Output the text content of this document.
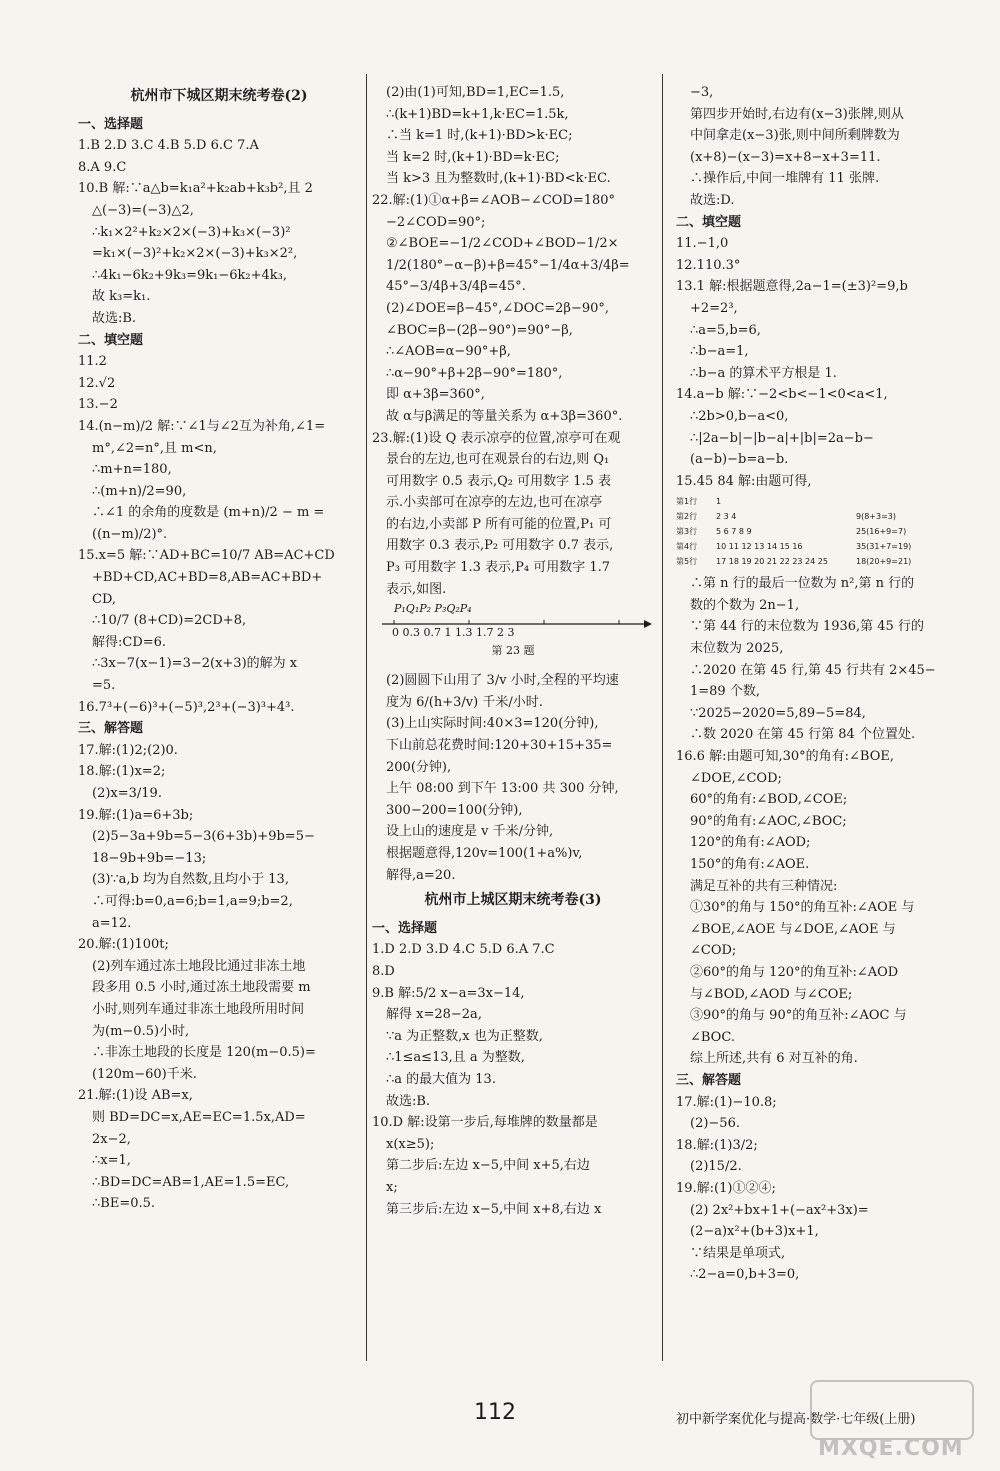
杭州市下城区期末统考卷(2)
一、选择题
1.B 2.D 3.C 4.B 5.D 6.C 7.A
8.A 9.C
10.B 解:∵a△b=k₁a²+k₂ab+k₃b²,且 2
△(−3)=(−3)△2,
∴k₁×2²+k₂×2×(−3)+k₃×(−3)²
=k₁×(−3)²+k₂×2×(−3)+k₃×2²,
∴4k₁−6k₂+9k₃=9k₁−6k₂+4k₃,
故 k₃=k₁.
故选:B.
二、填空题
11.2
12.√2
13.−2
14.(n−m)/2 解:∵∠1与∠2互为补角,∠1=
m°,∠2=n°,且 m<n,
∴m+n=180,
∴(m+n)/2=90,
∴∠1 的余角的度数是 (m+n)/2 − m =
((n−m)/2)°.
15.x=5 解:∵AD+BC=10/7 AB=AC+CD
+BD+CD,AC+BD=8,AB=AC+BD+
CD,
∴10/7 (8+CD)=2CD+8,
解得:CD=6.
∴3x−7(x−1)=3−2(x+3)的解为 x
=5.
16.7³+(−6)³+(−5)³,2³+(−3)³+4³.
三、解答题
17.解:(1)2;(2)0.
18.解:(1)x=2;
(2)x=3/19.
19.解:(1)a=6+3b;
(2)5−3a+9b=5−3(6+3b)+9b=5−
18−9b+9b=−13;
(3)∵a,b 均为自然数,且均小于 13,
∴可得:b=0,a=6;b=1,a=9;b=2,
a=12.
20.解:(1)100t;
(2)列车通过冻土地段比通过非冻土地
段多用 0.5 小时,通过冻土地段需要 m
小时,则列车通过非冻土地段所用时间
为(m−0.5)小时,
∴非冻土地段的长度是 120(m−0.5)=
(120m−60)千米.
21.解:(1)设 AB=x,
则 BD=DC=x,AE=EC=1.5x,AD=
2x−2,
∴x=1,
∴BD=DC=AB=1,AE=1.5=EC,
∴BE=0.5.
(2)由(1)可知,BD=1,EC=1.5,
∴(k+1)BD=k+1,k·EC=1.5k,
∴当 k=1 时,(k+1)·BD>k·EC;
当 k=2 时,(k+1)·BD=k·EC;
当 k>3 且为整数时,(k+1)·BD<k·EC.
22.解:(1)①α+β=∠AOB−∠COD=180°
−2∠COD=90°;
②∠BOE=−1/2∠COD+∠BOD−1/2×
1/2(180°−α−β)+β=45°−1/4α+3/4β=
45°−3/4β+3/4β=45°.
(2)∠DOE=β−45°,∠DOC=2β−90°,
∠BOC=β−(2β−90°)=90°−β,
∴∠AOB=α−90°+β,
∴α−90°+β+2β−90°=180°,
即 α+3β=360°,
故 α与β满足的等量关系为 α+3β=360°.
23.解:(1)设 Q 表示凉亭的位置,凉亭可在观
景台的左边,也可在观景台的右边,则 Q₁
可用数字 0.5 表示,Q₂ 可用数字 1.5 表
示.小卖部可在凉亭的左边,也可在凉亭
的右边,小卖部 P 所有可能的位置,P₁ 可
用数字 0.3 表示,P₂ 可用数字 0.7 表示,
P₃ 可用数字 1.3 表示,P₄ 可用数字 1.7
表示,如图.
P₁Q₁P₂ P₃Q₂P₄
0 0.3 0.7 1 1.3 1.7 2 3
第 23 题
(2)圆圆下山用了 3/v 小时,全程的平均速
度为 6/(h+3/v) 千米/小时.
(3)上山实际时间:40×3=120(分钟),
下山前总花费时间:120+30+15+35=
200(分钟),
上午 08:00 到下午 13:00 共 300 分钟,
300−200=100(分钟),
设上山的速度是 v 千米/分钟,
根据题意得,120v=100(1+a%)v,
解得,a=20.
杭州市上城区期末统考卷(3)
一、选择题
1.D 2.D 3.D 4.C 5.D 6.A 7.C
8.D
9.B 解:5/2 x−a=3x−14,
解得 x=28−2a,
∵a 为正整数,x 也为正整数,
∴1≤a≤13,且 a 为整数,
∴a 的最大值为 13.
故选:B.
10.D 解:设第一步后,每堆牌的数量都是
x(x≥5);
第二步后:左边 x−5,中间 x+5,右边
x;
第三步后:左边 x−5,中间 x+8,右边 x
−3,
第四步开始时,右边有(x−3)张牌,则从
中间拿走(x−3)张,则中间所剩牌数为
(x+8)−(x−3)=x+8−x+3=11.
∴操作后,中间一堆牌有 11 张牌.
故选:D.
二、填空题
11.−1,0
12.110.3°
13.1 解:根据题意得,2a−1=(±3)²=9,b
+2=2³,
∴a=5,b=6,
∴b−a=1,
∴b−a 的算术平方根是 1.
14.a−b 解:∵−2<b<−1<0<a<1,
∴2b>0,b−a<0,
∴|2a−b|−|b−a|+|b|=2a−b−
(a−b)−b=a−b.
15.45 84 解:由题可得,
第1行	1
第2行	2 3 4	9(8+3=3)
第3行	5 6 7 8 9	25(16+9=7)
第4行	10 11 12 13 14 15 16	35(31+7=19)
第5行	17 18 19 20 21 22 23 24 25	18(20+9=21)
∴第 n 行的最后一位数为 n²,第 n 行的
数的个数为 2n−1,
∵第 44 行的末位数为 1936,第 45 行的
末位数为 2025,
∴2020 在第 45 行,第 45 行共有 2×45−
1=89 个数,
∵2025−2020=5,89−5=84,
∴数 2020 在第 45 行第 84 个位置处.
16.6 解:由题可知,30°的角有:∠BOE,
∠DOE,∠COD;
60°的角有:∠BOD,∠COE;
90°的角有:∠AOC,∠BOC;
120°的角有:∠AOD;
150°的角有:∠AOE.
满足互补的共有三种情况:
①30°的角与 150°的角互补:∠AOE 与
∠BOE,∠AOE 与∠DOE,∠AOE 与
∠COD;
②60°的角与 120°的角互补:∠AOD
与∠BOD,∠AOD 与∠COE;
③90°的角与 90°的角互补:∠AOC 与
∠BOC.
综上所述,共有 6 对互补的角.
三、解答题
17.解:(1)−10.8;
(2)−56.
18.解:(1)3/2;
(2)15/2.
19.解:(1)①②④;
(2) 2x²+bx+1+(−ax²+3x)=
(2−a)x²+(b+3)x+1,
∵结果是单项式,
∴2−a=0,b+3=0,
112	初中新学案优化与提高·数学·七年级(上册)
MXQE.COM
